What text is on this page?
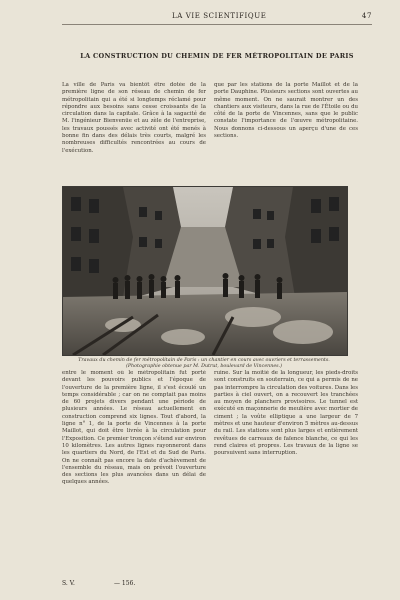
LA VIE SCIENTIFIQUE	47
LA CONSTRUCTION DU CHEMIN DE FER MÉTROPOLITAIN DE PARIS
La ville de Paris va bientôt être dotée de la première ligne de son réseau de chemin de fer métropolitain qui a été si longtemps réclamé pour répondre aux besoins sans cesse croissants de la circulation dans la capitale. Grâce à la sagacité de M. l'ingénieur Bienvenüe et au zèle de l'entreprise, les travaux poussés avec activité ont été menés à bonne fin dans des délais très courts, malgré les nombreuses difficultés rencontrées au cours de l'exécution.
que par les stations de la porte Maillot et de la porte Dauphine. Plusieurs sections sont ouvertes au même moment. On ne saurait montrer un des chantiers aux visiteurs, dans la rue de l'Étoile ou du côté de la porte de Vincennes, sans que le public constate l'importance de l'œuvre métropolitaine. Nous donnons ci-dessous un aperçu d'une de ces sections.
Travaux du chemin de fer métropolitain de Paris : un chantier en cours avec ouvriers et terrassements. (Photographie obtenue par M. Dutrut, boulevard de Vincennes.)
entre le moment où le métropolitain fut porté devant les pouvoirs publics et l'époque de l'ouverture de la première ligne, il s'est écoulé un temps considérable ; car on ne comptait pas moins de 60 projets divers pendant une période de plusieurs années. Le réseau actuellement en construction comprend six lignes. Tout d'abord, la ligne n° 1, de la porte de Vincennes à la porte Maillot, qui doit être livrée à la circulation pour l'Exposition. Ce premier tronçon s'étend sur environ 10 kilomètres. Les autres lignes rayonneront dans les quartiers du Nord, de l'Est et du Sud de Paris. On ne connaît pas encore la date d'achèvement de l'ensemble du réseau, mais on prévoit l'ouverture des sections les plus avancées dans un délai de quelques années.
ruine. Sur la moitié de la longueur, les pieds-droits sont construits en souterrain, ce qui a permis de ne pas interrompre la circulation des voitures. Dans les parties à ciel ouvert, on a recouvert les tranchées au moyen de planchers provisoires. Le tunnel est exécuté en maçonnerie de meulière avec mortier de ciment ; la voûte elliptique a une largeur de 7 mètres et une hauteur d'environ 5 mètres au-dessus du rail. Les stations sont plus larges et entièrement revêtues de carreaux de faïence blanche, ce qui les rend claires et propres. Les travaux de la ligne se poursuivent sans interruption.
S. V.	— 156.
